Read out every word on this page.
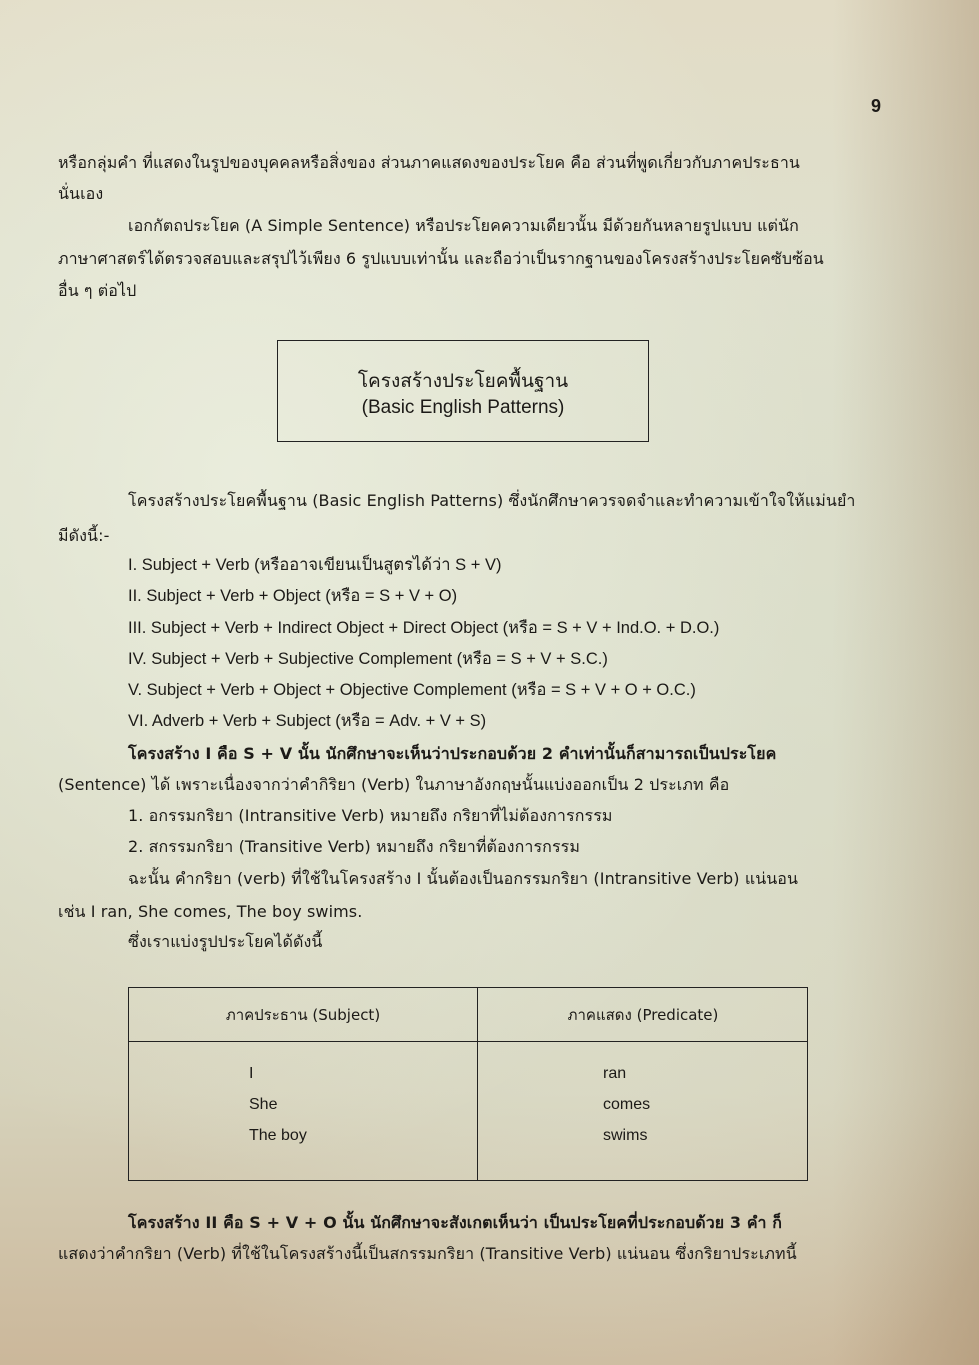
9
หรือกลุ่มคำ ที่แสดงในรูปของบุคคลหรือสิ่งของ ส่วนภาคแสดงของประโยค คือ ส่วนที่พูดเกี่ยวกับภาคประธาน
นั่นเอง
เอกกัตถประโยค (A Simple Sentence) หรือประโยคความเดียวนั้น มีด้วยกันหลายรูปแบบ แต่นัก
ภาษาศาสตร์ได้ตรวจสอบและสรุปไว้เพียง 6 รูปแบบเท่านั้น และถือว่าเป็นรากฐานของโครงสร้างประโยคซับซ้อน
อื่น ๆ ต่อไป
โครงสร้างประโยคพื้นฐาน
(Basic English Patterns)
โครงสร้างประโยคพื้นฐาน (Basic English Patterns) ซึ่งนักศึกษาควรจดจำและทำความเข้าใจให้แม่นยำ
มีดังนี้:-
I. Subject + Verb (หรืออาจเขียนเป็นสูตรได้ว่า S + V)
II. Subject + Verb + Object (หรือ = S + V + O)
III. Subject + Verb + Indirect Object + Direct Object (หรือ = S + V + Ind.O. + D.O.)
IV. Subject + Verb + Subjective Complement (หรือ = S + V + S.C.)
V. Subject + Verb + Object + Objective Complement (หรือ = S + V + O + O.C.)
VI. Adverb + Verb + Subject (หรือ = Adv. + V + S)
โครงสร้าง I คือ S + V นั้น นักศึกษาจะเห็นว่าประกอบด้วย 2 คำเท่านั้นก็สามารถเป็นประโยค
(Sentence) ได้ เพราะเนื่องจากว่าคำกิริยา (Verb) ในภาษาอังกฤษนั้นแบ่งออกเป็น 2 ประเภท คือ
1. อกรรมกริยา (Intransitive Verb) หมายถึง กริยาที่ไม่ต้องการกรรม
2. สกรรมกริยา (Transitive Verb) หมายถึง กริยาที่ต้องการกรรม
ฉะนั้น คำกริยา (verb) ที่ใช้ในโครงสร้าง I นั้นต้องเป็นอกรรมกริยา (Intransitive Verb) แน่นอน
เช่น I ran, She comes, The boy swims.
ซึ่งเราแบ่งรูปประโยคได้ดังนี้
ภาคประธาน (Subject)
I
She
The boy
ภาคแสดง (Predicate)
ran
comes
swims
โครงสร้าง II คือ S + V + O นั้น นักศึกษาจะสังเกตเห็นว่า เป็นประโยคที่ประกอบด้วย 3 คำ ก็
แสดงว่าคำกริยา (Verb) ที่ใช้ในโครงสร้างนี้เป็นสกรรมกริยา (Transitive Verb) แน่นอน ซึ่งกริยาประเภทนี้
